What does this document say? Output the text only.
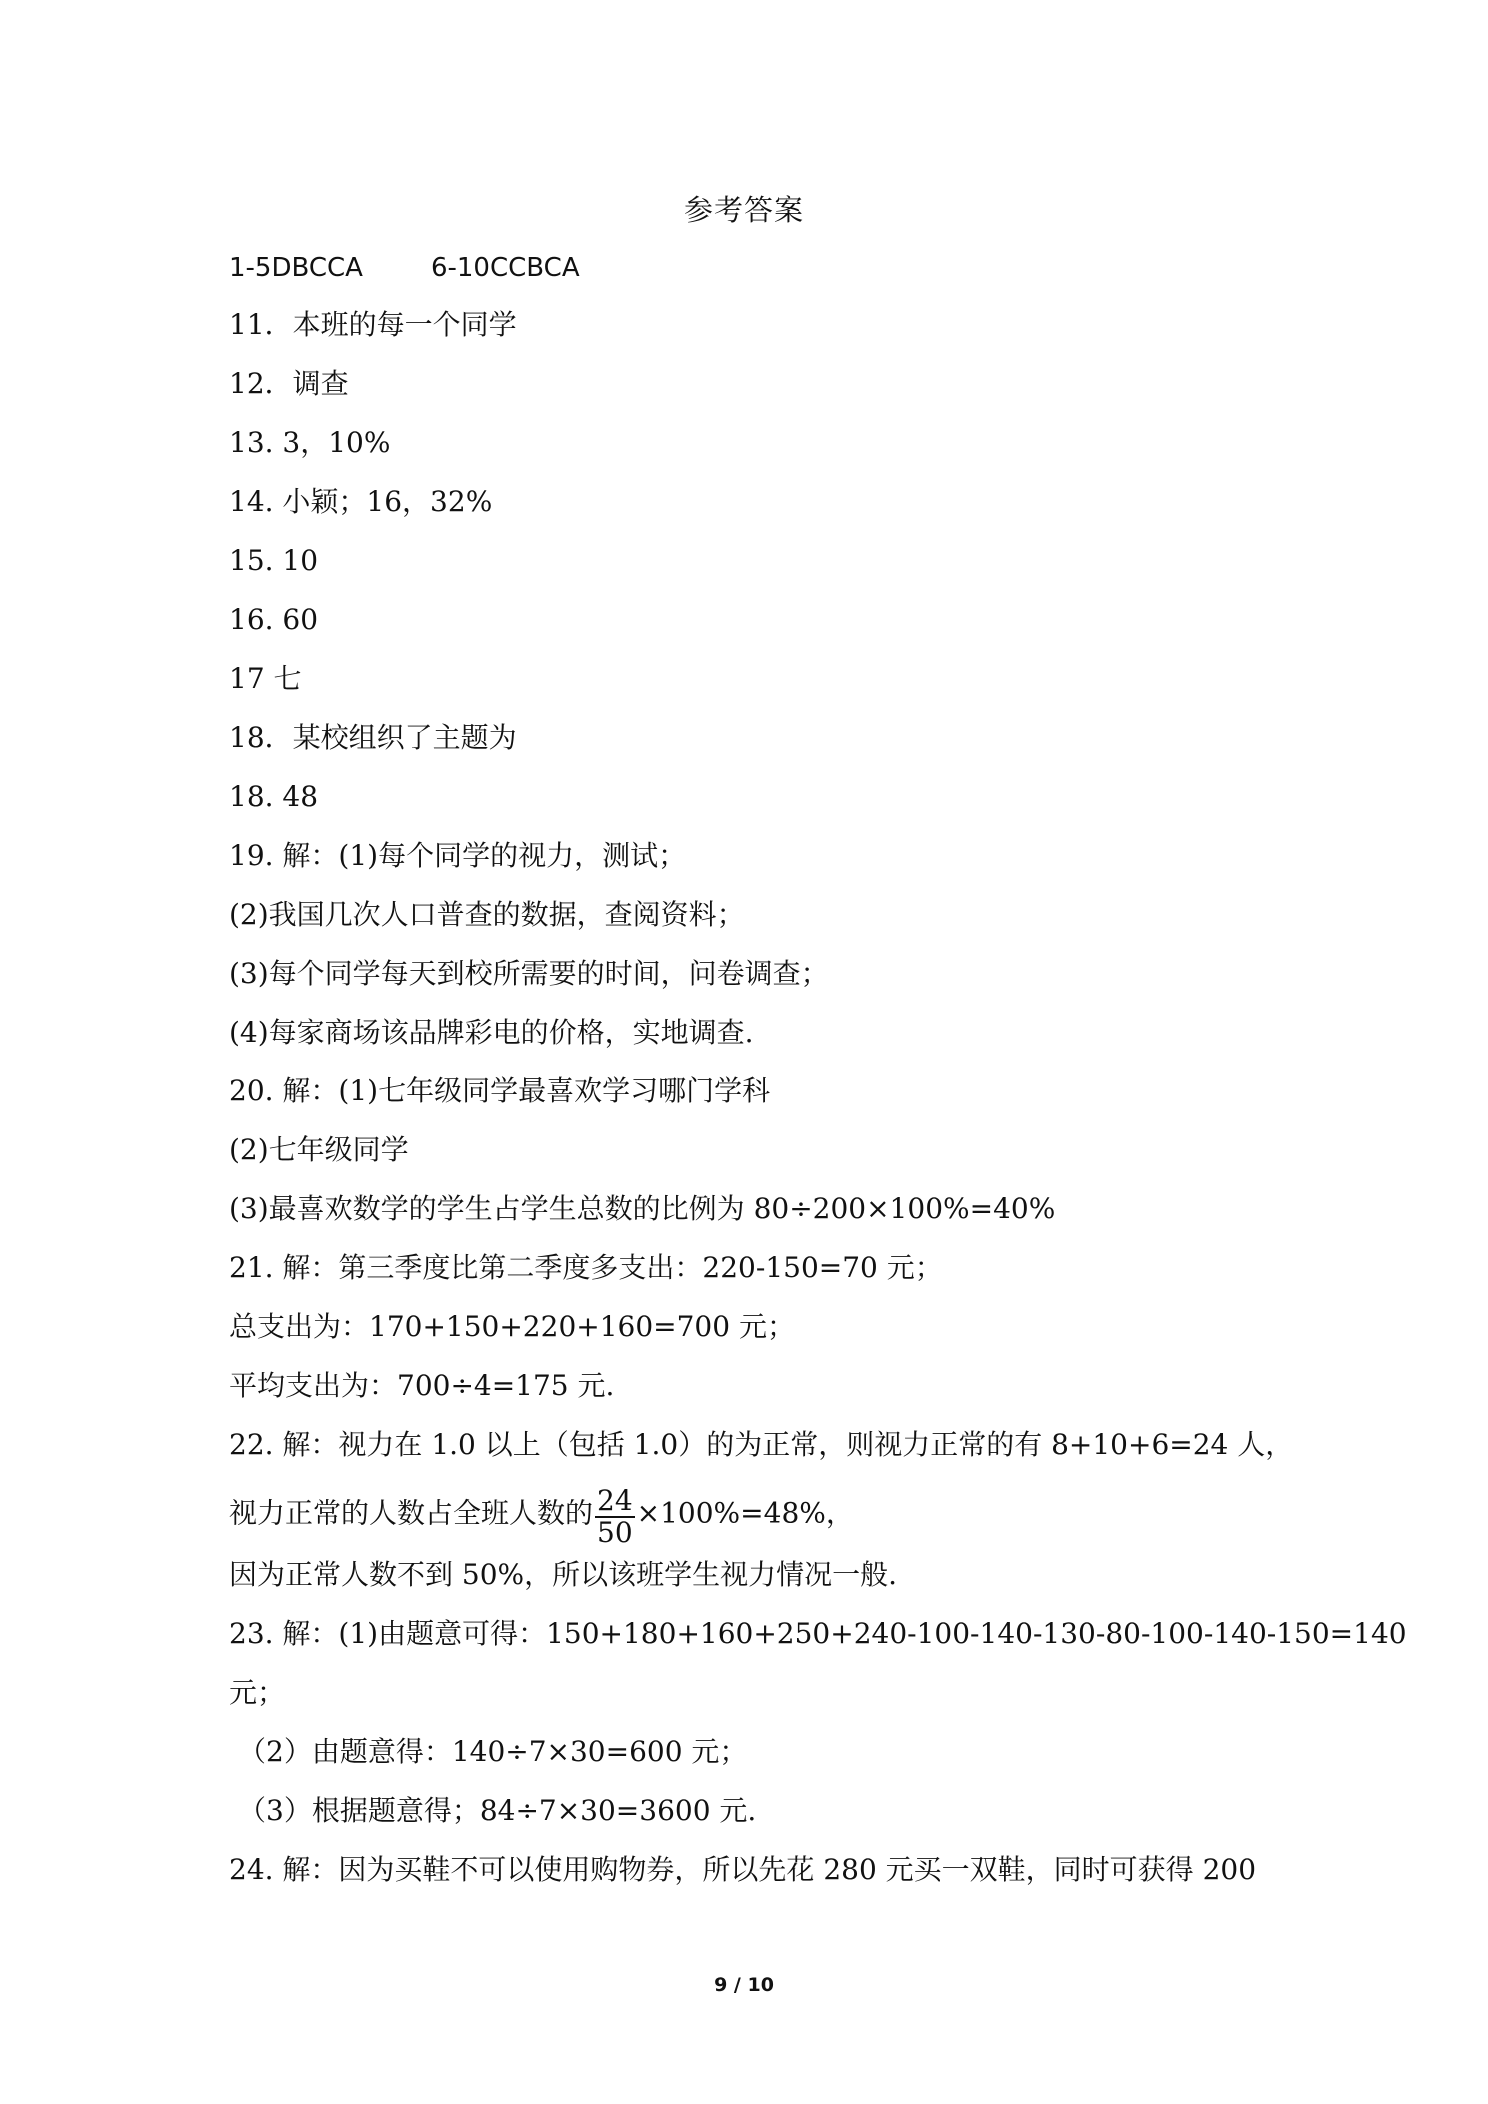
参考答案
1-5DBCCA	6-10CCBCA
11．本班的每一个同学
12．调查
13. 3，10%
14. 小颖；16，32%
15. 10
16. 60
17 七
18．某校组织了主题为
18. 48
19. 解：(1)每个同学的视力，测试；
(2)我国几次人口普查的数据，查阅资料；
(3)每个同学每天到校所需要的时间，问卷调查；
(4)每家商场该品牌彩电的价格，实地调查.
20. 解：(1)七年级同学最喜欢学习哪门学科
(2)七年级同学
(3)最喜欢数学的学生占学生总数的比例为 80÷200×100%=40%
21. 解：第三季度比第二季度多支出：220-150=70 元；
总支出为：170+150+220+160=700 元；
平均支出为：700÷4=175 元.
22. 解：视力在 1.0 以上（包括 1.0）的为正常，则视力正常的有 8+10+6=24 人，
视力正常的人数占全班人数的 $\frac{24}{50} \times 100\%=48\%$，
因为正常人数不到 50%，所以该班学生视力情况一般.
23. 解：(1)由题意可得：150+180+160+250+240-100-140-130-80-100-140-150=140
元；
（2）由题意得：140÷7×30=600 元；
（3）根据题意得；84÷7×30=3600 元.
24. 解：因为买鞋不可以使用购物券，所以先花 280 元买一双鞋，同时可获得 200
9 / 10
